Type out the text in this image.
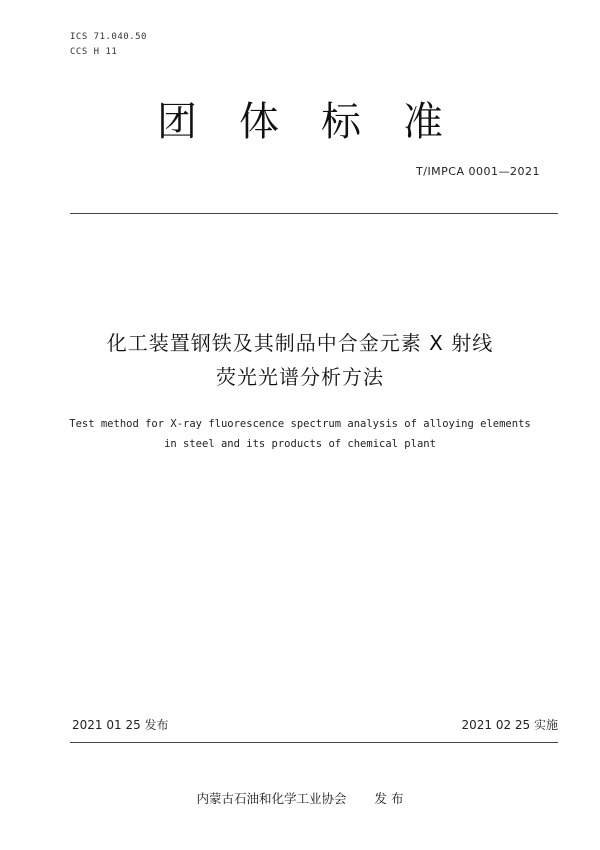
ICS 71.040.50
CCS H 11
团体标准
T/IMPCA 0001—2021
化工装置钢铁及其制品中合金元素 X 射线
荧光光谱分析方法
Test method for X-ray fluorescence spectrum analysis of alloying elements
in steel and its products of chemical plant
2021 01 25 发布	2021 02 25 实施
内蒙古石油和化学工业协会 发 布
